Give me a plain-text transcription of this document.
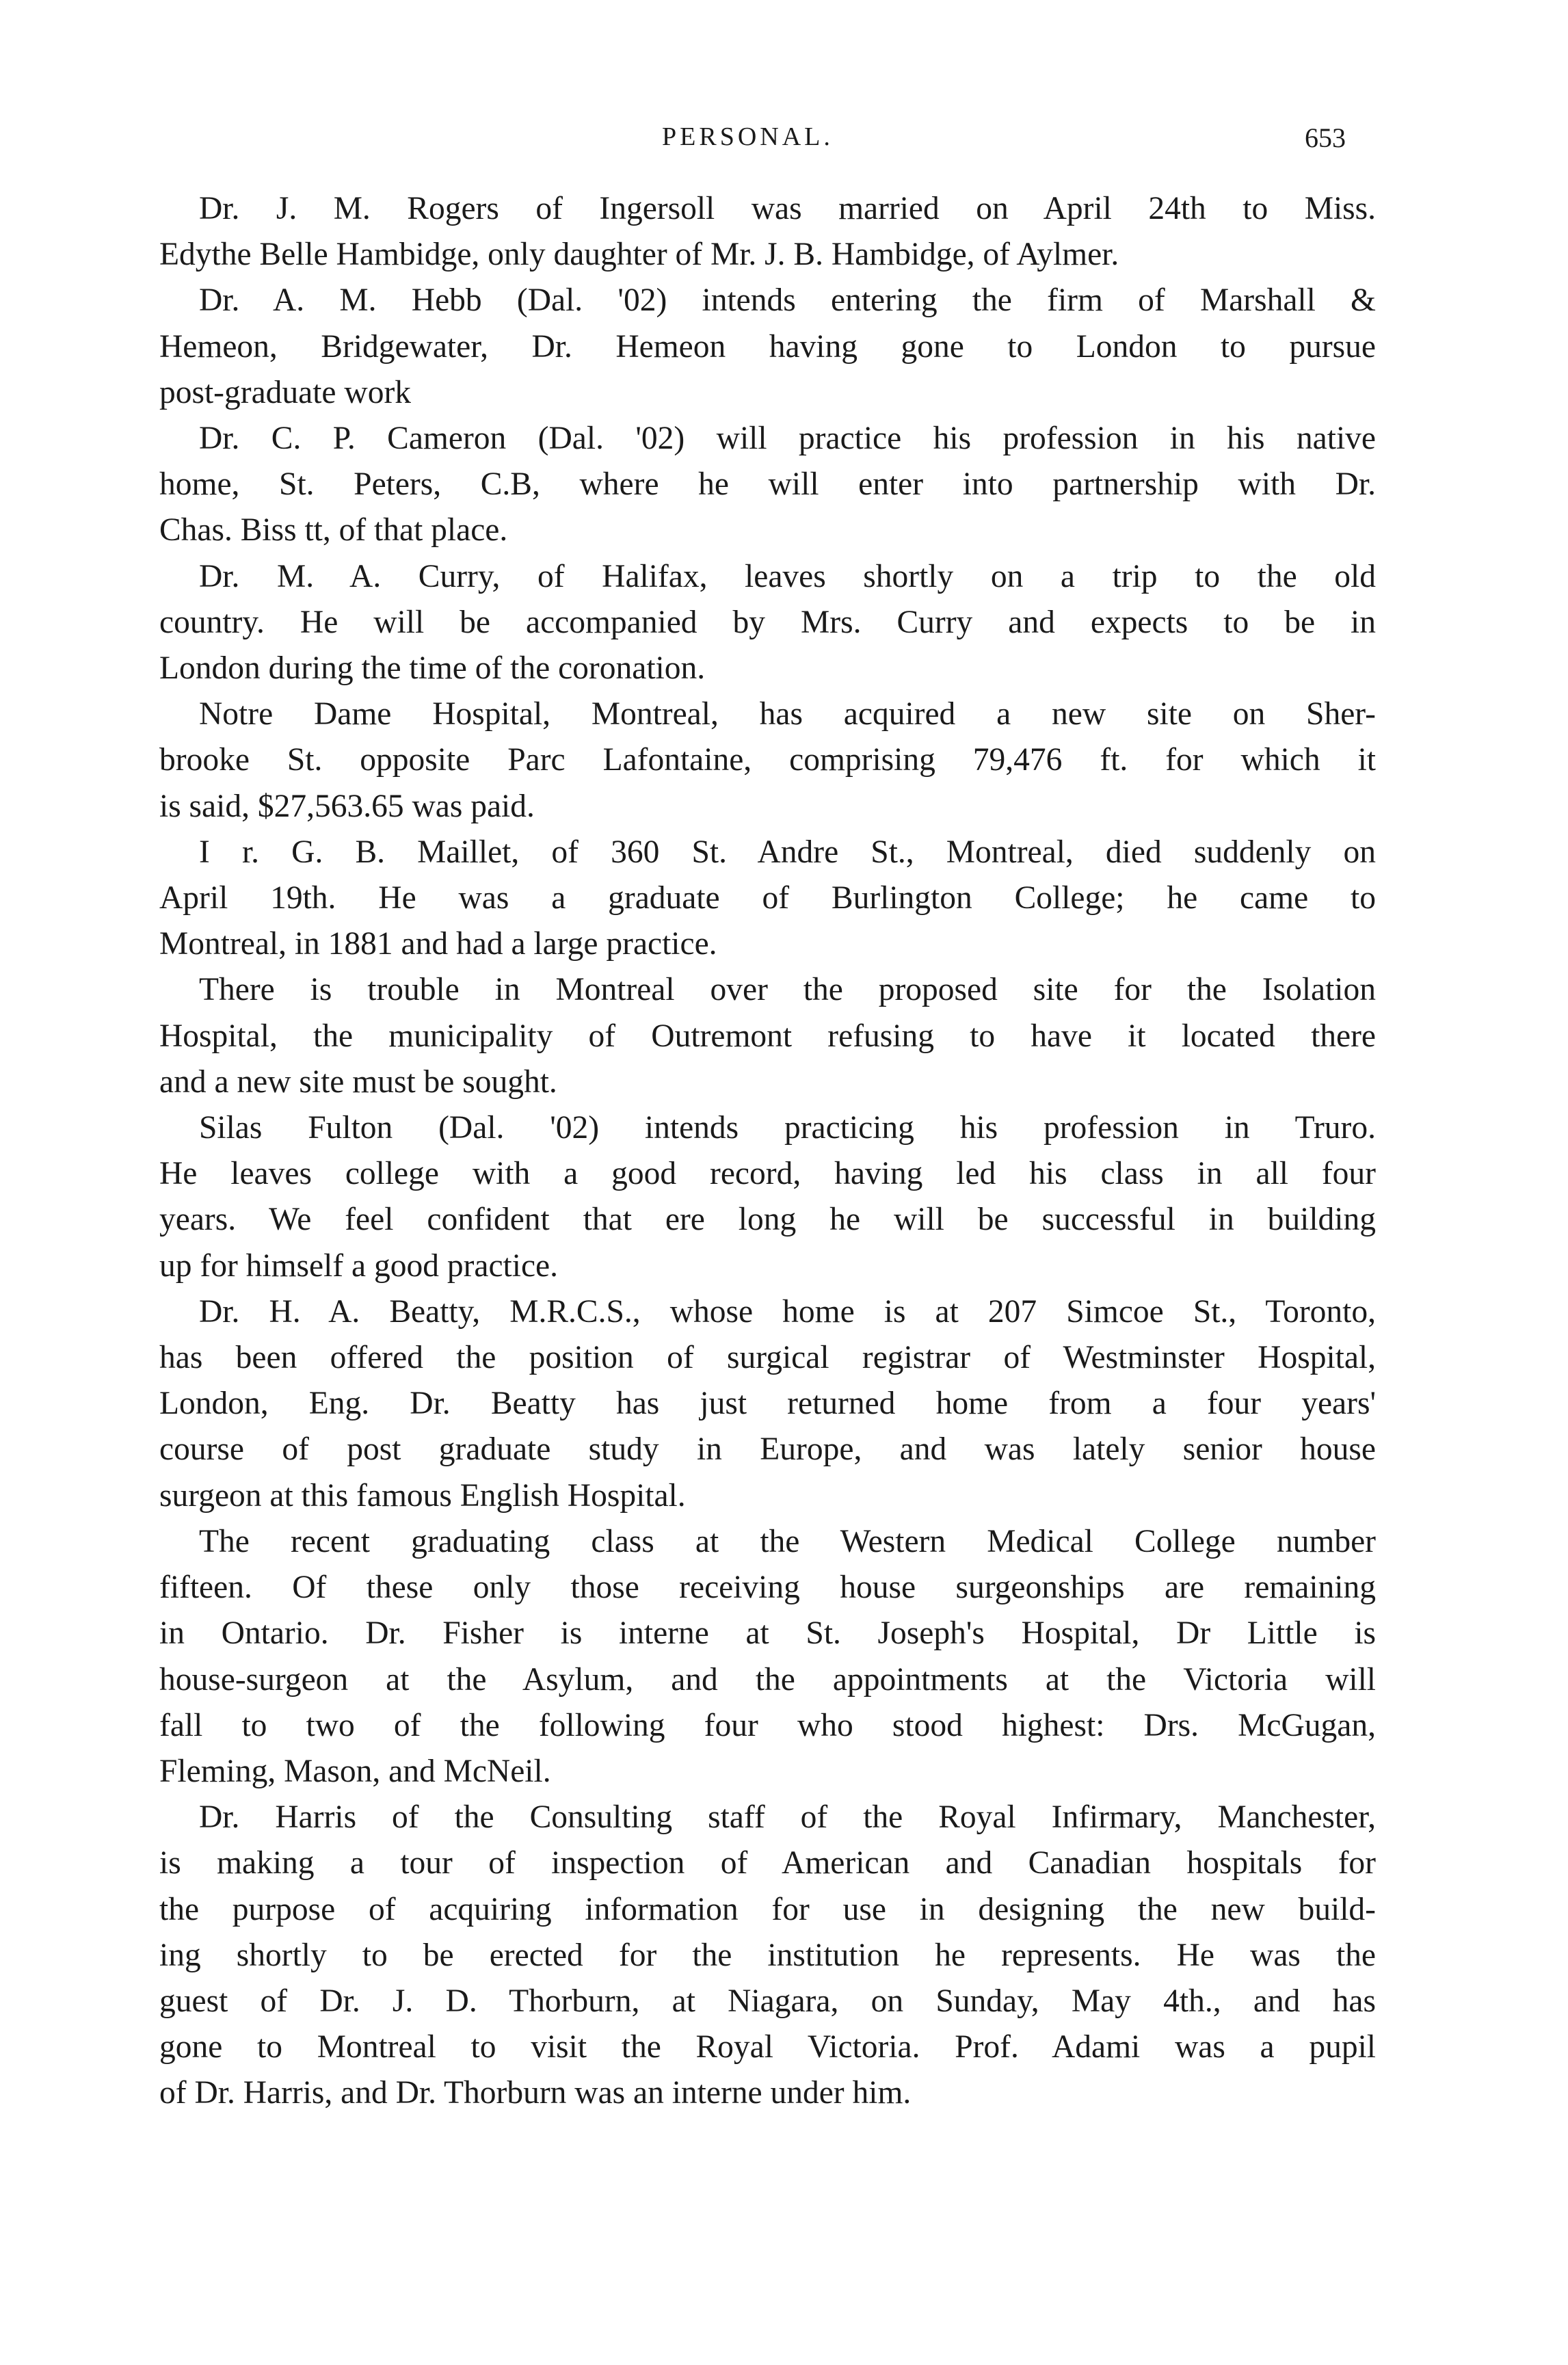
PERSONAL.	653

Dr. J. M. Rogers of Ingersoll was married on April 24th to Miss.
Edythe Belle Hambidge, only daughter of Mr. J. B. Hambidge, of Aylmer.

Dr. A. M. Hebb (Dal. '02) intends entering the firm of Marshall &
Hemeon, Bridgewater, Dr. Hemeon having gone to London to pursue
post-graduate work

Dr. C. P. Cameron (Dal. '02) will practice his profession in his native
home, St. Peters, C.B, where he will enter into partnership with Dr.
Chas. Biss tt, of that place.

Dr. M. A. Curry, of Halifax, leaves shortly on a trip to the old
country. He will be accompanied by Mrs. Curry and expects to be in
London during the time of the coronation.

Notre Dame Hospital, Montreal, has acquired a new site on Sher-
brooke St. opposite Parc Lafontaine, comprising 79,476 ft. for which it
is said, $27,563.65 was paid.

I r. G. B. Maillet, of 360 St. Andre St., Montreal, died suddenly on
April 19th. He was a graduate of Burlington College; he came to
Montreal, in 1881 and had a large practice.

There is trouble in Montreal over the proposed site for the Isolation
Hospital, the municipality of Outremont refusing to have it located there
and a new site must be sought.

Silas Fulton (Dal. '02) intends practicing his profession in Truro.
He leaves college with a good record, having led his class in all four
years. We feel confident that ere long he will be successful in building
up for himself a good practice.

Dr. H. A. Beatty, M.R.C.S., whose home is at 207 Simcoe St., Toronto,
has been offered the position of surgical registrar of Westminster Hospital,
London, Eng. Dr. Beatty has just returned home from a four years'
course of post graduate study in Europe, and was lately senior house
surgeon at this famous English Hospital.

The recent graduating class at the Western Medical College number
fifteen. Of these only those receiving house surgeonships are remaining
in Ontario. Dr. Fisher is interne at St. Joseph's Hospital, Dr Little is
house-surgeon at the Asylum, and the appointments at the Victoria will
fall to two of the following four who stood highest: Drs. McGugan,
Fleming, Mason, and McNeil.

Dr. Harris of the Consulting staff of the Royal Infirmary, Manchester,
is making a tour of inspection of American and Canadian hospitals for
the purpose of acquiring information for use in designing the new build-
ing shortly to be erected for the institution he represents. He was the
guest of Dr. J. D. Thorburn, at Niagara, on Sunday, May 4th., and has
gone to Montreal to visit the Royal Victoria. Prof. Adami was a pupil
of Dr. Harris, and Dr. Thorburn was an interne under him.
